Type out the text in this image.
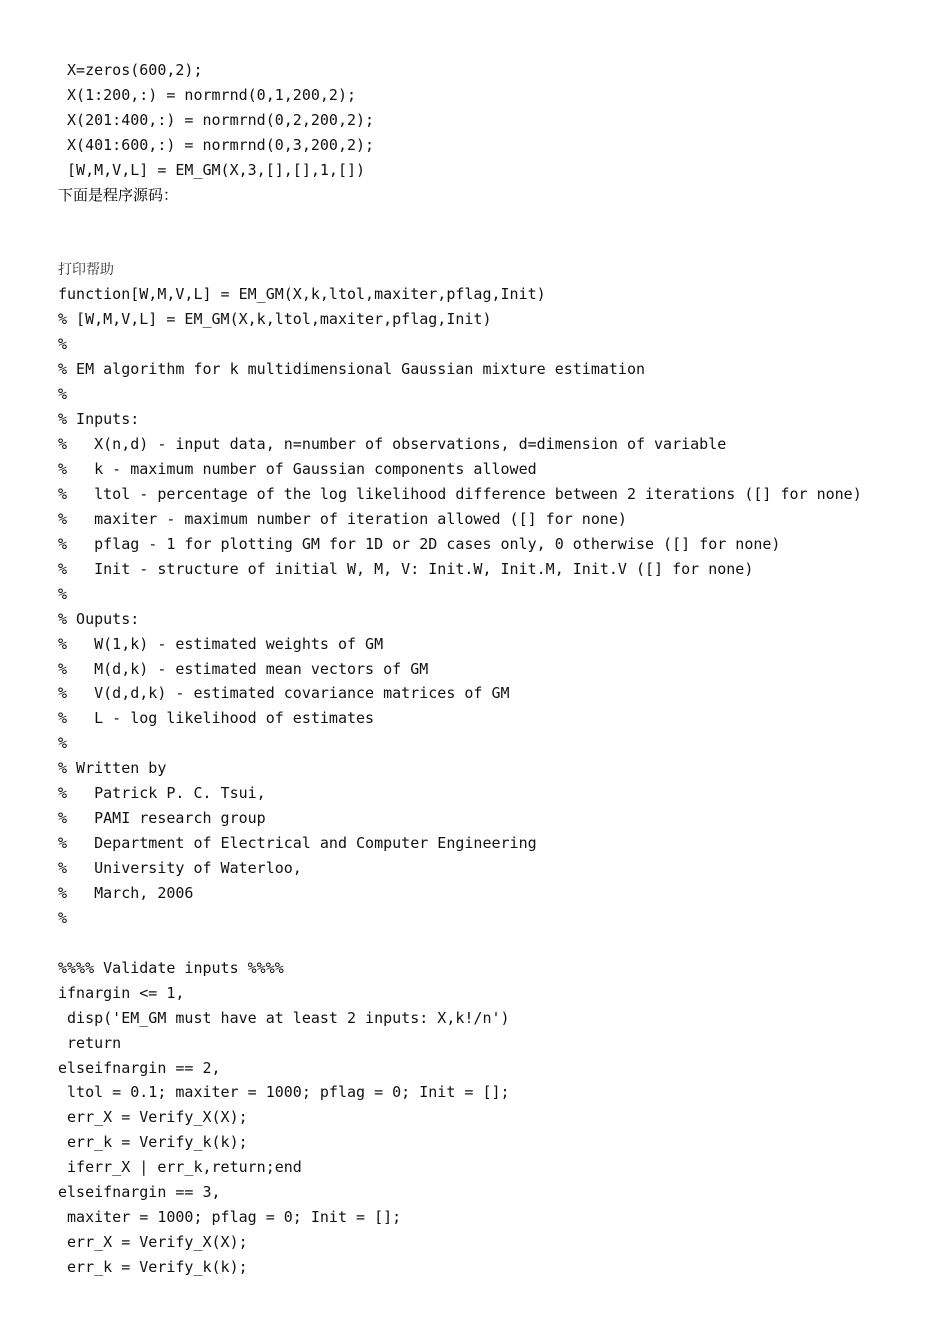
X=zeros(600,2);
X(1:200,:) = normrnd(0,1,200,2);
X(201:400,:) = normrnd(0,2,200,2);
X(401:600,:) = normrnd(0,3,200,2);
[W,M,V,L] = EM_GM(X,3,[],[],1,[])
下面是程序源码：
打印帮助
function[W,M,V,L] = EM_GM(X,k,ltol,maxiter,pflag,Init)
% [W,M,V,L] = EM_GM(X,k,ltol,maxiter,pflag,Init)
%
% EM algorithm for k multidimensional Gaussian mixture estimation
%
% Inputs:
%   X(n,d) - input data, n=number of observations, d=dimension of variable
%   k - maximum number of Gaussian components allowed
%   ltol - percentage of the log likelihood difference between 2 iterations ([] for none)
%   maxiter - maximum number of iteration allowed ([] for none)
%   pflag - 1 for plotting GM for 1D or 2D cases only, 0 otherwise ([] for none)
%   Init - structure of initial W, M, V: Init.W, Init.M, Init.V ([] for none)
%
% Ouputs:
%   W(1,k) - estimated weights of GM
%   M(d,k) - estimated mean vectors of GM
%   V(d,d,k) - estimated covariance matrices of GM
%   L - log likelihood of estimates
%
% Written by
%   Patrick P. C. Tsui,
%   PAMI research group
%   Department of Electrical and Computer Engineering
%   University of Waterloo,
%   March, 2006
%
%%%% Validate inputs %%%%
ifnargin <= 1,
disp('EM_GM must have at least 2 inputs: X,k!/n')
return
elseifnargin == 2,
ltol = 0.1; maxiter = 1000; pflag = 0; Init = [];
err_X = Verify_X(X);
err_k = Verify_k(k);
iferr_X | err_k,return;end
elseifnargin == 3,
maxiter = 1000; pflag = 0; Init = [];
err_X = Verify_X(X);
err_k = Verify_k(k);
